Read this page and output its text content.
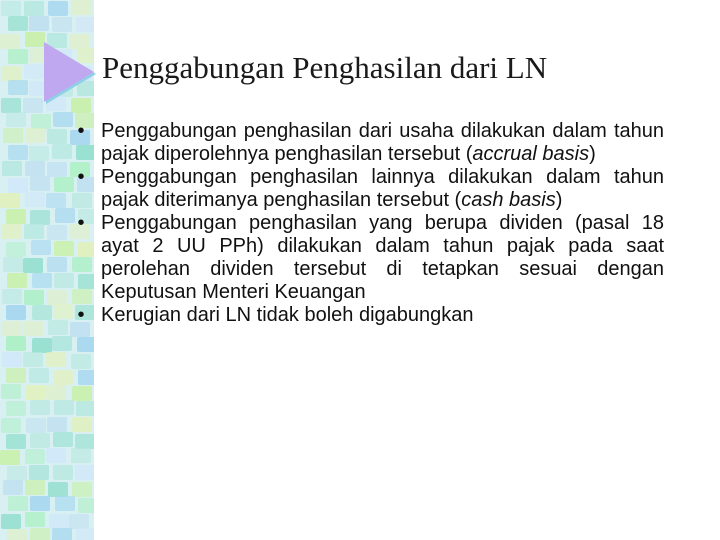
Penggabungan Penghasilan dari LN
• Penggabungan penghasilan dari usaha dilakukan dalam tahun pajak diperolehnya penghasilan tersebut (accrual basis)
• Penggabungan penghasilan lainnya dilakukan dalam tahun pajak diterimanya penghasilan tersebut (cash basis)
• Penggabungan penghasilan yang berupa dividen (pasal 18 ayat 2 UU PPh) dilakukan dalam tahun pajak pada saat perolehan dividen tersebut di tetapkan sesuai dengan Keputusan Menteri Keuangan
• Kerugian dari LN tidak boleh digabungkan
